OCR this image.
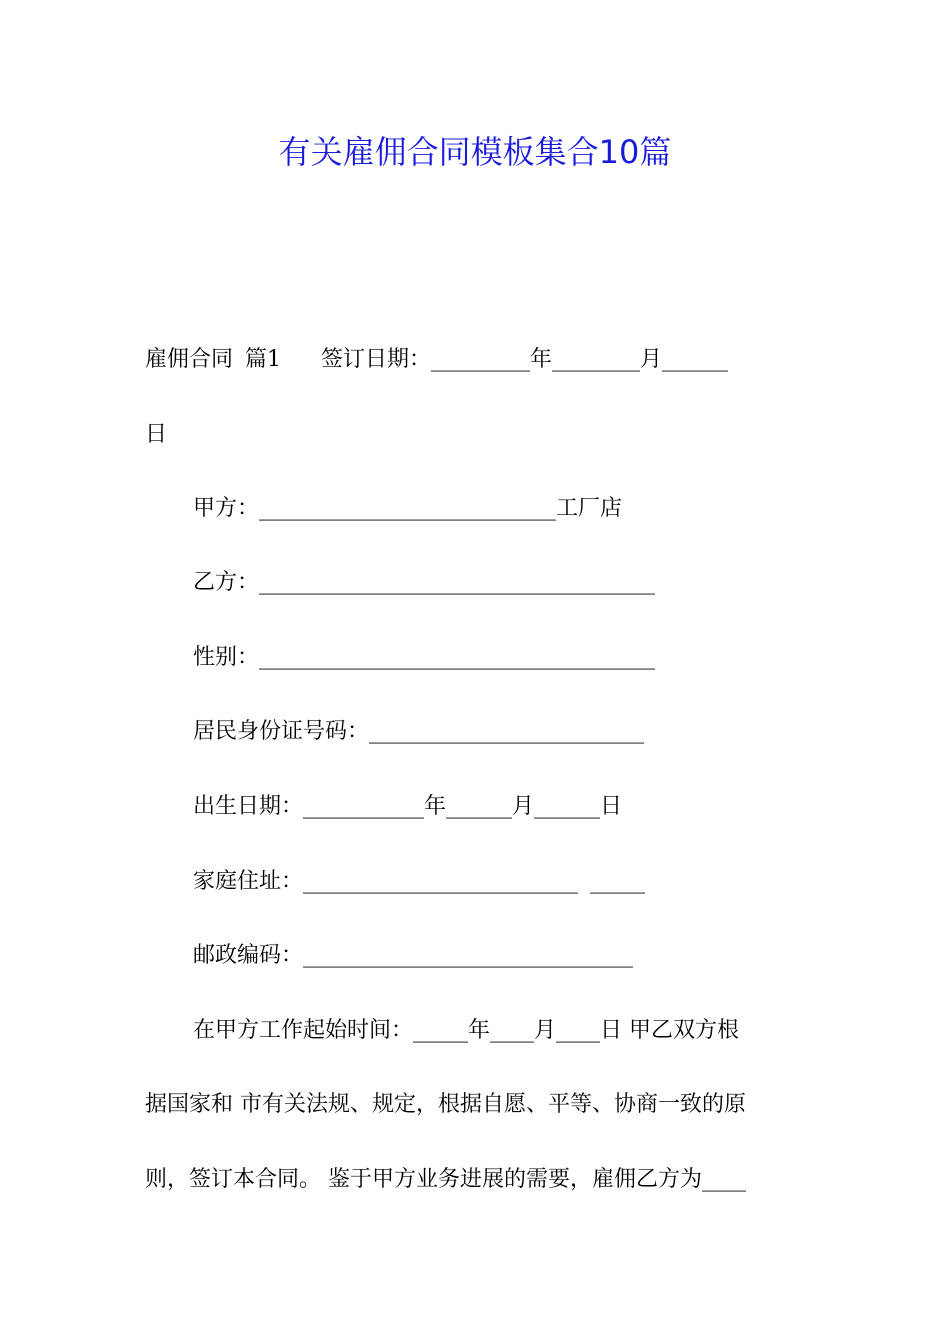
有关雇佣合同模板集合10篇

雇佣合同 篇1 签订日期：_________年________月______

日

甲方：___________________________工厂店

乙方：____________________________________

性别：____________________________________

居民身份证号码：_________________________

出生日期：___________年______月______日

家庭住址：_________________________ _____

邮政编码：______________________________

在甲方工作起始时间：_____年____月____日 甲乙双方根

据国家和 市有关法规、规定，根据自愿、平等、协商一致的原

则，签订本合同。 鉴于甲方业务进展的需要，雇佣乙方为____
